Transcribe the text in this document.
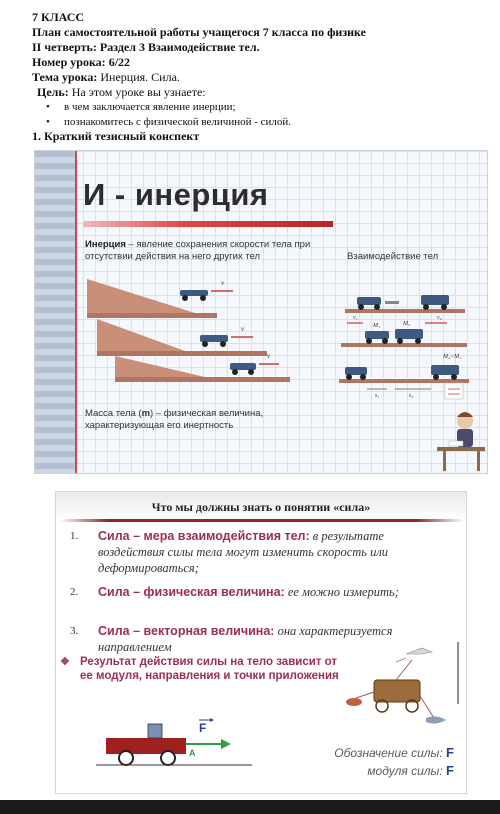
7 КЛАСС
План самостоятельной работы учащегося 7 класса по физике
II четверть: Раздел 3 Взаимодействие тел.
Номер урока: 6/22
Тема урока: Инерция. Сила.
Цель: На этом уроке вы узнаете:
• в чем заключается явление инерции;
• познакомитесь с физической величиной - силой.
1. Краткий тезисный конспект
И - инерция
Инерция – явление сохранения скорости тела при отсутствии действия на него других тел	Взаимодействие тел
Масса тела (m) – физическая величина, характеризующая его инертность
v
v
v
v₁	v₂
M₁	M₂
M₂<M₁
s₁	s₂
Что мы должны знать о понятии «сила»
1. Сила – мера взаимодействия тел: в результате воздействия силы тела могут изменить скорость или деформироваться;
2. Сила – физическая величина: ее можно измерить;
3. Сила – векторная величина: она характеризуется направлением
❖ Результат действия силы на тело зависит от ее модуля, направления и точки приложения
F
A	Обозначение силы: F
модуля силы: F
